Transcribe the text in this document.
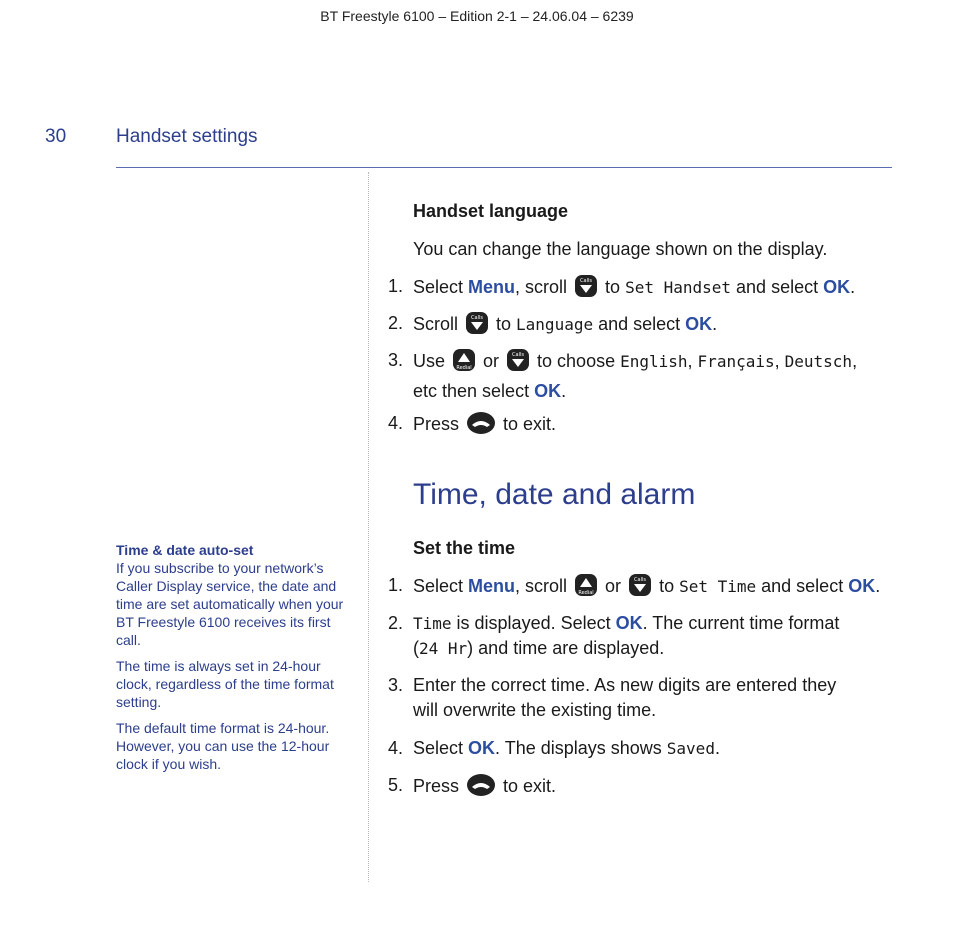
BT Freestyle 6100 – Edition 2-1 – 24.06.04 – 6239
30	Handset settings
Time & date auto-set

If you subscribe to your network’s Caller Display service, the date and time are set automatically when your BT Freestyle 6100 receives its first call.

The time is always set in 24-hour clock, regardless of the time format setting.

The default time format is 24-hour. However, you can use the 12-hour clock if you wish.

Handset language
You can change the language shown on the display.
1. Select Menu, scroll Calls to Set Handset and select OK.
2. Scroll Calls to Language and select OK.
3. Use Redial or Calls to choose English, Français, Deutsch,
etc then select OK.
4. Press  to exit.
Time, date and alarm
Set the time
1. Select Menu, scroll Redial or Calls to Set Time and select OK.
2. Time is displayed. Select OK. The current time format
(24 Hr) and time are displayed.
3. Enter the correct time. As new digits are entered they
will overwrite the existing time.
4. Select OK. The displays shows Saved.
5. Press  to exit.
